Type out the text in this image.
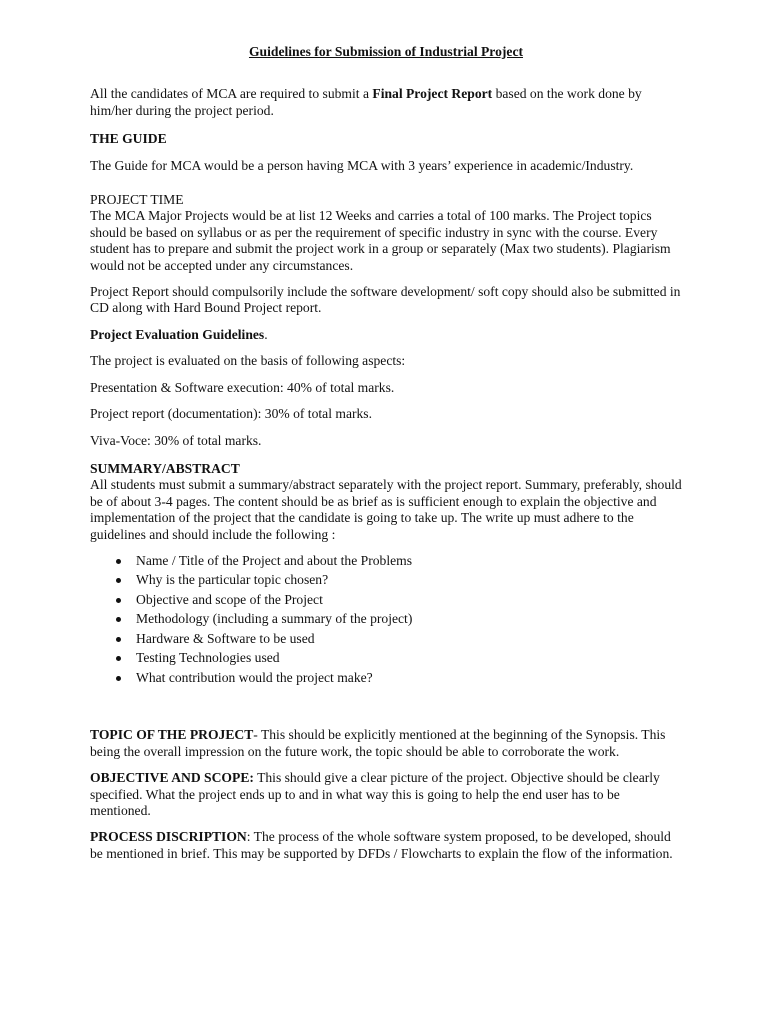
Guidelines for Submission of Industrial Project

All the candidates of MCA are required to submit a Final Project Report based on the work done by him/her during the project period.

THE GUIDE

The Guide for MCA would be a person having MCA with 3 years’ experience in academic/Industry.

PROJECT TIME

The MCA Major Projects would be at list 12 Weeks and carries a total of 100 marks. The Project topics should be based on syllabus or as per the requirement of specific industry in sync with the course. Every student has to prepare and submit the project work in a group or separately (Max two students). Plagiarism would not be accepted under any circumstances.

Project Report should compulsorily include the software development/ soft copy should also be submitted in CD along with Hard Bound Project report.

Project Evaluation Guidelines.

The project is evaluated on the basis of following aspects:

Presentation & Software execution: 40% of total marks.

Project report (documentation): 30% of total marks.

Viva-Voce: 30% of total marks.

SUMMARY/ABSTRACT

All students must submit a summary/abstract separately with the project report. Summary, preferably, should be of about 3-4 pages. The content should be as brief as is sufficient enough to explain the objective and implementation of the project that the candidate is going to take up. The write up must adhere to the guidelines and should include the following :

Name / Title of the Project and about the Problems
Why is the particular topic chosen?
Objective and scope of the Project
Methodology (including a summary of the project)
Hardware & Software to be used
Testing Technologies used
What contribution would the project make?

TOPIC OF THE PROJECT- This should be explicitly mentioned at the beginning of the Synopsis. This being the overall impression on the future work, the topic should be able to corroborate the work.

OBJECTIVE AND SCOPE: This should give a clear picture of the project. Objective should be clearly specified. What the project ends up to and in what way this is going to help the end user has to be mentioned.

PROCESS DISCRIPTION: The process of the whole software system proposed, to be developed, should be mentioned in brief. This may be supported by DFDs / Flowcharts to explain the flow of the information.
